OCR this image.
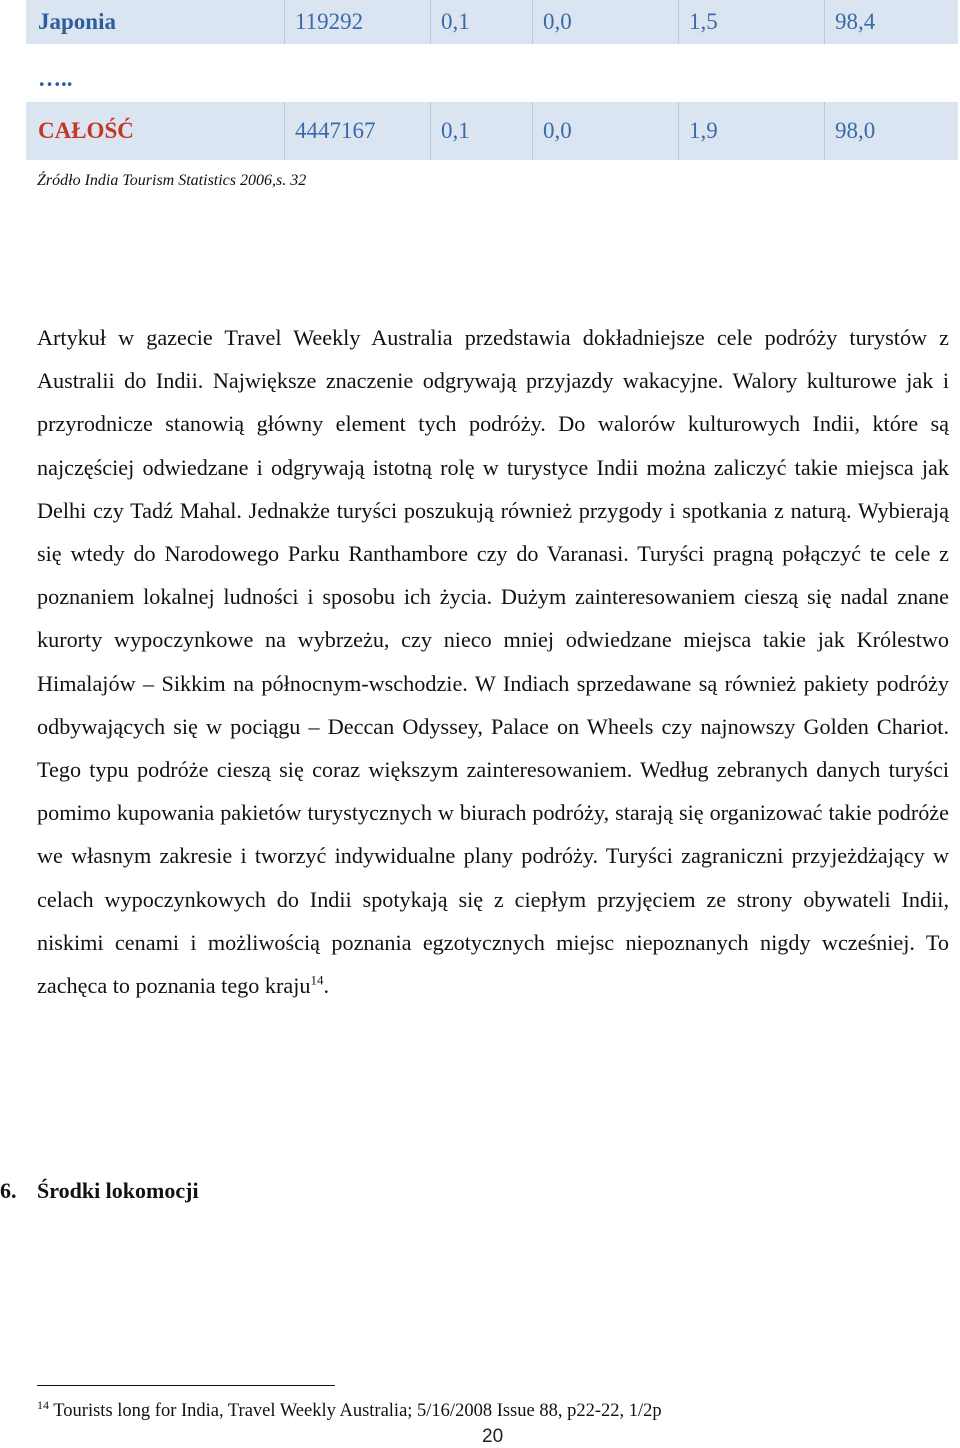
Japonia	119292	0,1	0,0	1,5	98,4
…..
CAŁOŚĆ	4447167	0,1	0,0	1,9	98,0
Źródło India Tourism Statistics 2006,s. 32

Artykuł w gazecie Travel Weekly Australia przedstawia dokładniejsze cele podróży turystów z Australii do Indii. Największe znaczenie odgrywają przyjazdy wakacyjne. Walory kulturowe jak i przyrodnicze stanowią główny element tych podróży. Do walorów kulturowych Indii, które są najczęściej odwiedzane i odgrywają istotną rolę w turystyce Indii można zaliczyć takie miejsca jak Delhi czy Tadź Mahal. Jednakże turyści poszukują również przygody i spotkania z naturą. Wybierają się wtedy do Narodowego Parku Ranthambore czy do Varanasi. Turyści pragną połączyć te cele z poznaniem lokalnej ludności i sposobu ich życia. Dużym zainteresowaniem cieszą się nadal znane kurorty wypoczynkowe na wybrzeżu, czy nieco mniej odwiedzane miejsca takie jak Królestwo Himalajów – Sikkim na północnym-wschodzie. W Indiach sprzedawane są również pakiety podróży odbywających się w pociągu – Deccan Odyssey, Palace on Wheels czy najnowszy Golden Chariot. Tego typu podróże cieszą się coraz większym zainteresowaniem. Według zebranych danych turyści pomimo kupowania pakietów turystycznych w biurach podróży, starają się organizować takie podróże we własnym zakresie i tworzyć indywidualne plany podróży. Turyści zagraniczni przyjeżdżający w celach wypoczynkowych do Indii spotykają się z ciepłym przyjęciem ze strony obywateli Indii, niskimi cenami i możliwością poznania egzotycznych miejsc niepoznanych nigdy wcześniej. To zachęca to poznania tego kraju$^{14}$.

6. Środki lokomocji
$^{14}$ Tourists long for India, Travel Weekly Australia; 5/16/2008 Issue 88, p22-22, 1/2p
20
